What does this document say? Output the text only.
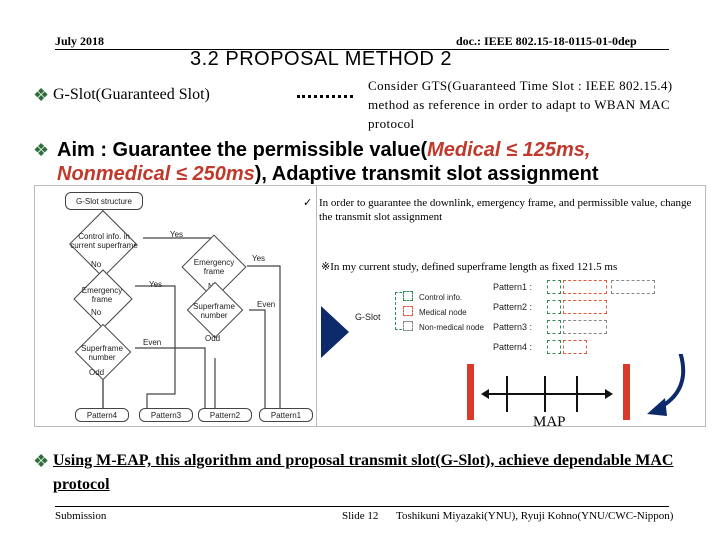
July 2018	doc.: IEEE 802.15-18-0115-01-0dep
3.2 PROPOSAL METHOD 2
❖ G-Slot(Guaranteed Slot)
Consider GTS(Guaranteed Time Slot : IEEE 802.15.4) method as reference in order to adapt to WBAN MAC protocol
❖ Aim : Guarantee the permissible value(Medical ≤ 125ms,
Nonmedical ≤ 250ms), Adaptive transmit slot assignment
G-Slot structure
Control info. in current superframe
Yes
No	Emergency frame
Yes
Emergency frame
Yes
No
Superframe number
Even
Odd
Superframe number
Even
Odd
Pattern4	Pattern3	Pattern2	Pattern1
✓ In order to guarantee the downlink, emergency frame, and permissible value, change the transmit slot assignment
※In my current study, defined superframe length as fixed 121.5 ms
G-Slot
Control info.
Medical node
Non-medical node
Pattern1 :
Pattern2 :
Pattern3 :
Pattern4 :
MAP
❖ Using M-EAP, this algorithm and proposal transmit slot(G-Slot), achieve dependable MAC protocol
Submission	Slide 12 Toshikuni Miyazaki(YNU), Ryuji Kohno(YNU/CWC-Nippon)
